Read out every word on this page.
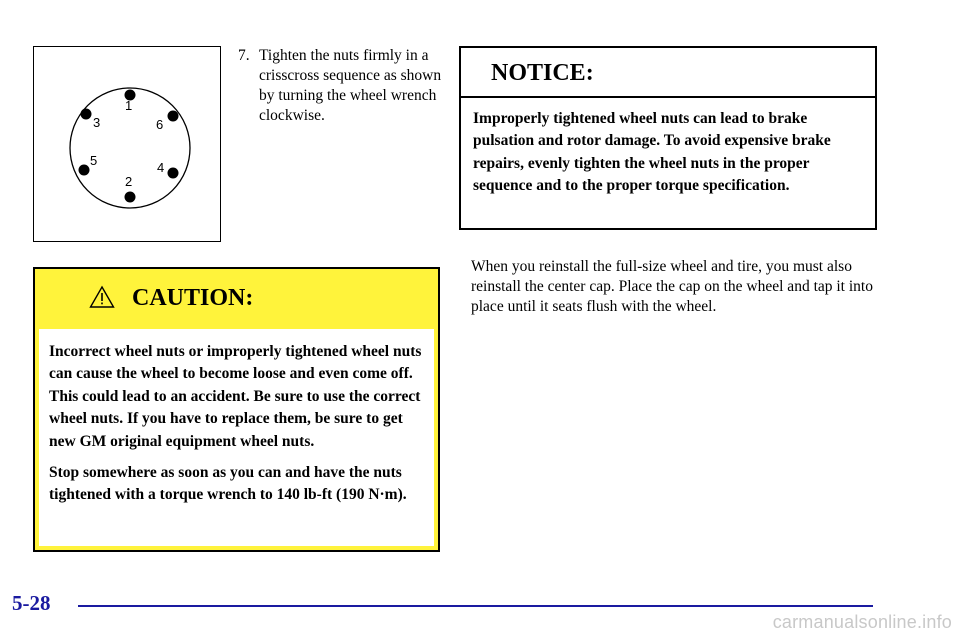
1
2
3
4
5
6
7. Tighten the nuts firmly in a crisscross sequence as shown by turning the wheel wrench clockwise.
CAUTION:

Incorrect wheel nuts or improperly tightened wheel nuts can cause the wheel to become loose and even come off. This could lead to an accident. Be sure to use the correct wheel nuts. If you have to replace them, be sure to get new GM original equipment wheel nuts.

Stop somewhere as soon as you can and have the nuts tightened with a torque wrench to 140 lb-ft (190 N·m).

NOTICE:

Improperly tightened wheel nuts can lead to brake pulsation and rotor damage. To avoid expensive brake repairs, evenly tighten the wheel nuts in the proper sequence and to the proper torque specification.

When you reinstall the full-size wheel and tire, you must also reinstall the center cap. Place the cap on the wheel and tap it into place until it seats flush with the wheel.

5-28
carmanualsonline.info
